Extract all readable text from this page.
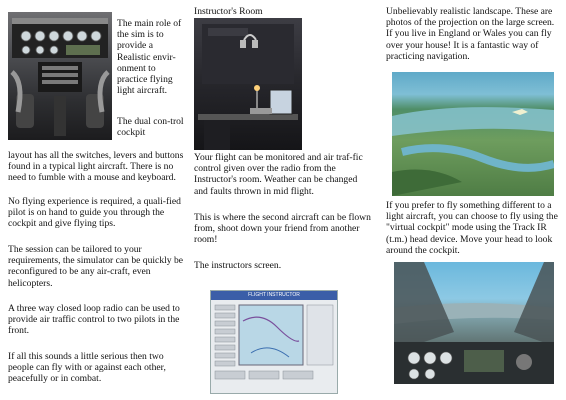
The main role of the sim is to provide a Realistic envir-onment to practice flying light aircraft.

The dual con-trol cockpit

layout has all the switches, levers and buttons found in a typical light aircraft. There is no need to fumble with a mouse and keyboard.

No flying experience is required, a quali-fied pilot is on hand to guide you through the cockpit and give flying tips.

The session can be tailored to your requirements, the simulator can be quickly be reconfigured to be any air-craft, even helicopters.

A three way closed loop radio can be used to provide air traffic control to two pilots in the front.

If all this sounds a little serious then two people can fly with or against each other, peacefully or in combat.

Instructor's Room

Your flight can be monitored and air traf-fic control given over the radio from the Instructor's room. Weather can be changed and faults thrown in mid flight.

This is where the second aircraft can be flown from, shoot down your friend from another room!

The instructors screen.

FLIGHT INSTRUCTOR

Unbelievably realistic landscape. These are photos of the projection on the large screen. If you live in England or Wales you can fly over your house! It is a fantastic way of practicing navigation.

If you prefer to fly something different to a light aircraft, you can choose to fly using the "virtual cockpit" mode using the Track IR (t.m.) head device. Move your head to look around the cockpit.
